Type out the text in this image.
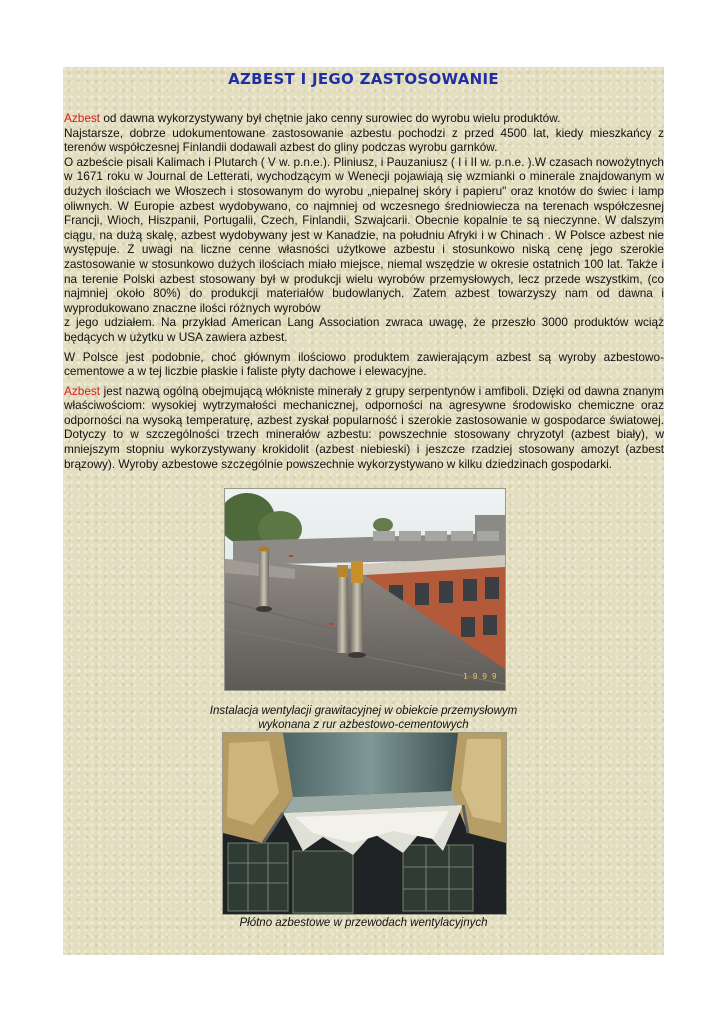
AZBEST I JEGO ZASTOSOWANIE

Azbest od dawna wykorzystywany był chętnie jako cenny surowiec do wyrobu wielu produktów.

Najstarsze, dobrze udokumentowane zastosowanie azbestu pochodzi z przed 4500 lat, kiedy mieszkańcy z terenów współczesnej Finlandii dodawali azbest do gliny podczas wyrobu garnków.

O azbeście pisali Kalimach i Plutarch ( V w. p.n.e.). Pliniusz, i Pauzaniusz ( I i II w. p.n.e. ).W czasach nowożytnych w 1671 roku w Journal de Letterati, wychodzącym w Wenecji pojawiają się wzmianki o minerale znajdowanym w dużych ilościach we Włoszech i stosowanym do wyrobu „niepalnej skóry i papieru" oraz knotów do świec i lamp oliwnych. W Europie azbest wydobywano, co najmniej od wczesnego średniowiecza na terenach współczesnej Francji, Wioch, Hiszpanii, Portugalii, Czech, Finlandii, Szwajcarii. Obecnie kopalnie te są nieczynne. W dalszym ciągu, na dużą skalę, azbest wydobywany jest w Kanadzie, na południu Afryki i w Chinach . W Polsce azbest nie występuje. Z uwagi na liczne cenne własności użytkowe azbestu i stosunkowo niską cenę jego szerokie zastosowanie w stosunkowo dużych ilościach miało miejsce, niemal wszędzie w okresie ostatnich 100 lat. Także i na terenie Polski azbest stosowany był w produkcji wielu wyrobów przemysłowych, lecz przede wszystkim, (co najmniej około 80%) do produkcji materiałów budowlanych. Zatem azbest towarzyszy nam od dawna i wyprodukowano znaczne ilości różnych wyrobów

z jego udziałem. Na przykład American Lang Association zwraca uwagę, że przeszło 3000 produktów wciąż będących w użytku w USA zawiera azbest.

W Polsce jest podobnie, choć głównym ilościowo produktem zawierającym azbest są wyroby azbestowo-cementowe a w tej liczbie płaskie i faliste płyty dachowe i elewacyjne.

Azbest jest nazwą ogólną obejmującą włókniste minerały z grupy serpentynów i amfiboli. Dzięki od dawna znanym właściwościom: wysokiej wytrzymałości mechanicznej, odporności na agresywne środowisko chemiczne oraz odporności na wysoką temperaturę, azbest zyskał popularność i szerokie zastosowanie w gospodarce światowej. Dotyczy to w szczególności trzech minerałów azbestu: powszechnie stosowany chryzotyl (azbest biały), w mniejszym stopniu wykorzystywany krokidolit (azbest niebieski) i jeszcze rzadziej stosowany amozyt (azbest brązowy). Wyroby azbestowe szczególnie powszechnie wykorzystywano w kilku dziedzinach gospodarki.

1 9 9 9
Instalacja wentylacji grawitacyjnej w obiekcie przemysłowym wykonana z rur azbestowo-cementowych
Płótno azbestowe w przewodach wentylacyjnych
